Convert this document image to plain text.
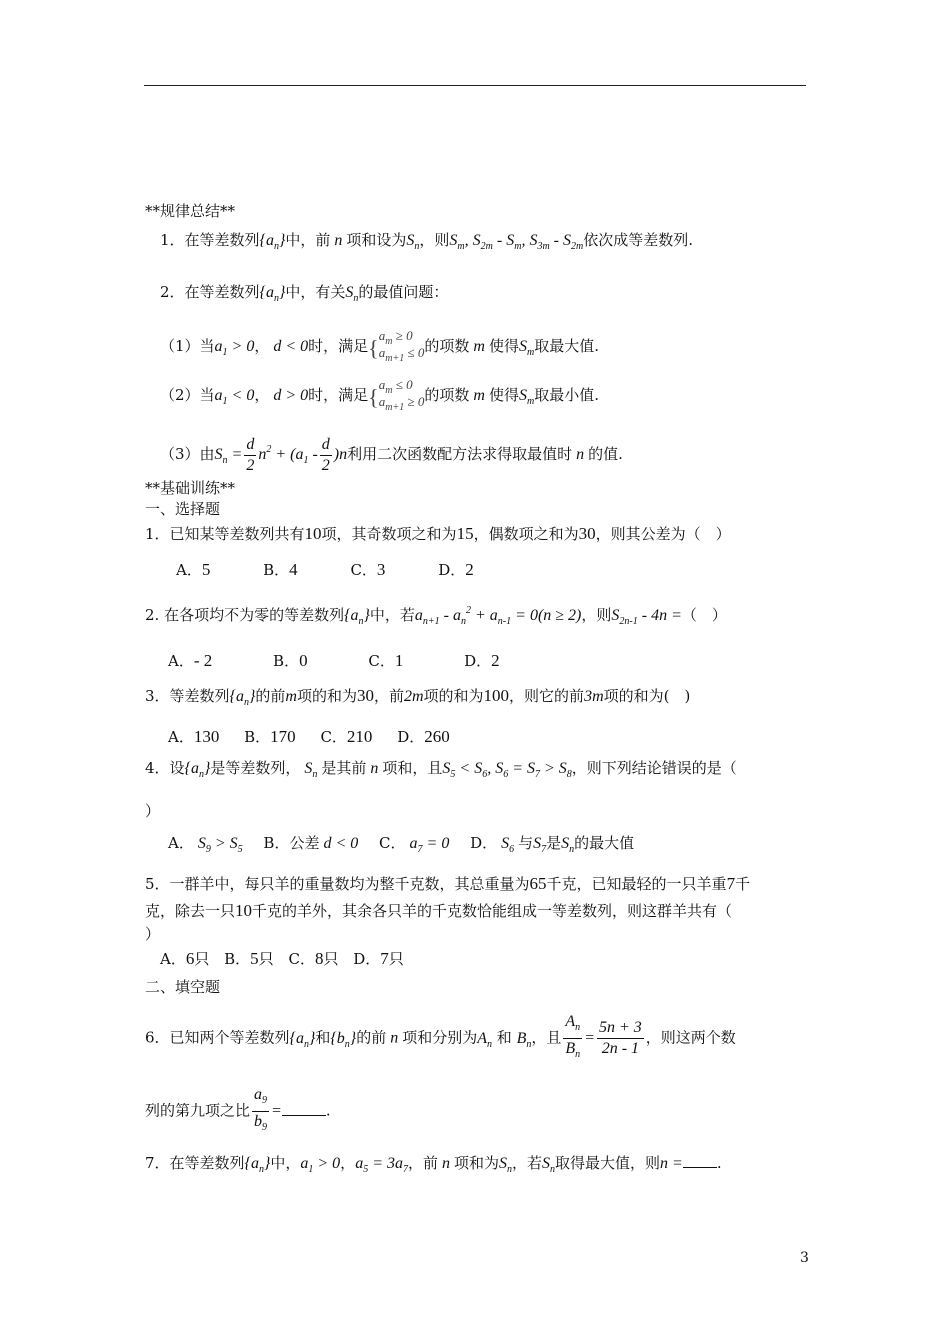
**规律总结**
1．在等差数列$\{a_n\}$中，前 n 项和设为$S_n$，则$S_m$, $S_{2m} - S_m$, $S_{3m} - S_{2m}$依次成等差数列.
2．在等差数列$\{a_n\}$中，有关$S_n$的最值问题：
（1）当$a_1 > 0$， d < 0时，满足{$a_m \ge 0$
$a_{m+1} \le 0$的项数 m 使得$S_m$取最大值.
（2）当$a_1 < 0$， d > 0时，满足{$a_m \le 0$
$a_{m+1} \ge 0$的项数 m 使得$S_m$取最小值.
（3）由$S_n = \frac{d}{2} n^2 + (a_1 - \frac{d}{2} )n$利用二次函数配方法求得取最值时 n 的值.
**基础训练**
一、选择题
1．已知某等差数列共有10项，其奇数项之和为15，偶数项之和为30，则其公差为（　）
A．5	B．4	C．3	D．2
2. 在各项均不为零的等差数列$\{a_n\}$中，若$a_{n+1} - a_n^2 + a_{n-1} = 0(n \ge 2)$，则$S_{2n-1} - 4n$ =（　）
A．- 2	B．0	C．1	D．2
3．等差数列$\{a_n\}$的前m项的和为30，前2m项的和为100，则它的前3m项的和为(　)
A．130 B．170 C．210 D．260
4．设$\{a_n\}$是等差数列， $S_n$ 是其前 n 项和，且$S_5 < S_6$, $S_6 = S_7 > S_8$，则下列结论错误的是（
）
A． $S_9 > S_5$ B．公差 d < 0 C． $a_7 = 0$ D． $S_6$ 与$S_7$是$S_n$的最大值
5．一群羊中，每只羊的重量数均为整千克数，其总重量为65千克，已知最轻的一只羊重7千
克，除去一只10千克的羊外，其余各只羊的千克数恰能组成一等差数列，则这群羊共有（
）
A．6只 B．5只 C．8只 D．7只
二、填空题
6．已知两个等差数列$\{a_n\}$和$\{b_n\}$的前 n 项和分别为$A_n$ 和 $B_n$，且 $\frac{A_n}{B_n} = \frac{5n + 3}{2n - 1}$ ，则这两个数
列的第九项之比 $\frac{a_9}{b_9}$ =	.
7．在等差数列$\{a_n\}$中，$a_1 > 0$，$a_5 = 3a_7$，前 n 项和为$S_n$，若$S_n$取得最大值，则n = .
3
